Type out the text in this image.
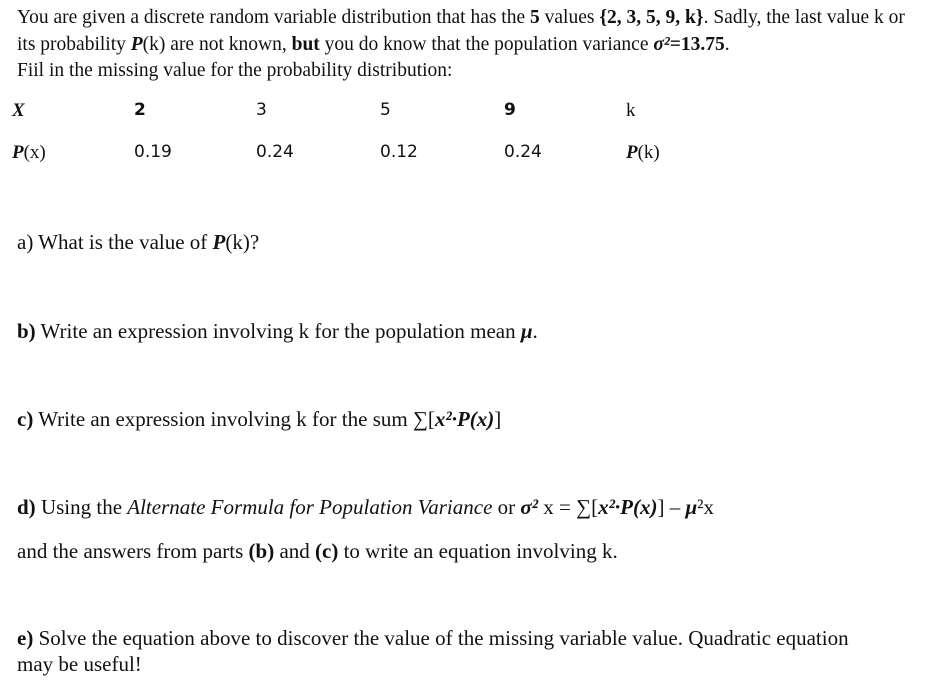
You are given a discrete random variable distribution that has the 5 values {2, 3, 5, 9, k}. Sadly, the last value k or its probability P(k) are not known, but you do know that the population variance σ²=13.75.

Fiil in the missing value for the probability distribution:

X	2	3	5	9	k
P(x)	0.19	0.24	0.12	0.24	P(k)
a) What is the value of P(k)?
b) Write an expression involving k for the population mean μ.
c) Write an expression involving k for the sum ∑[x²·P(x)]
d) Using the Alternate Formula for Population Variance or σ² x = ∑[x²·P(x)] – μ²x
and the answers from parts (b) and (c) to write an equation involving k.
e) Solve the equation above to discover the value of the missing variable value. Quadratic equation may be useful!
